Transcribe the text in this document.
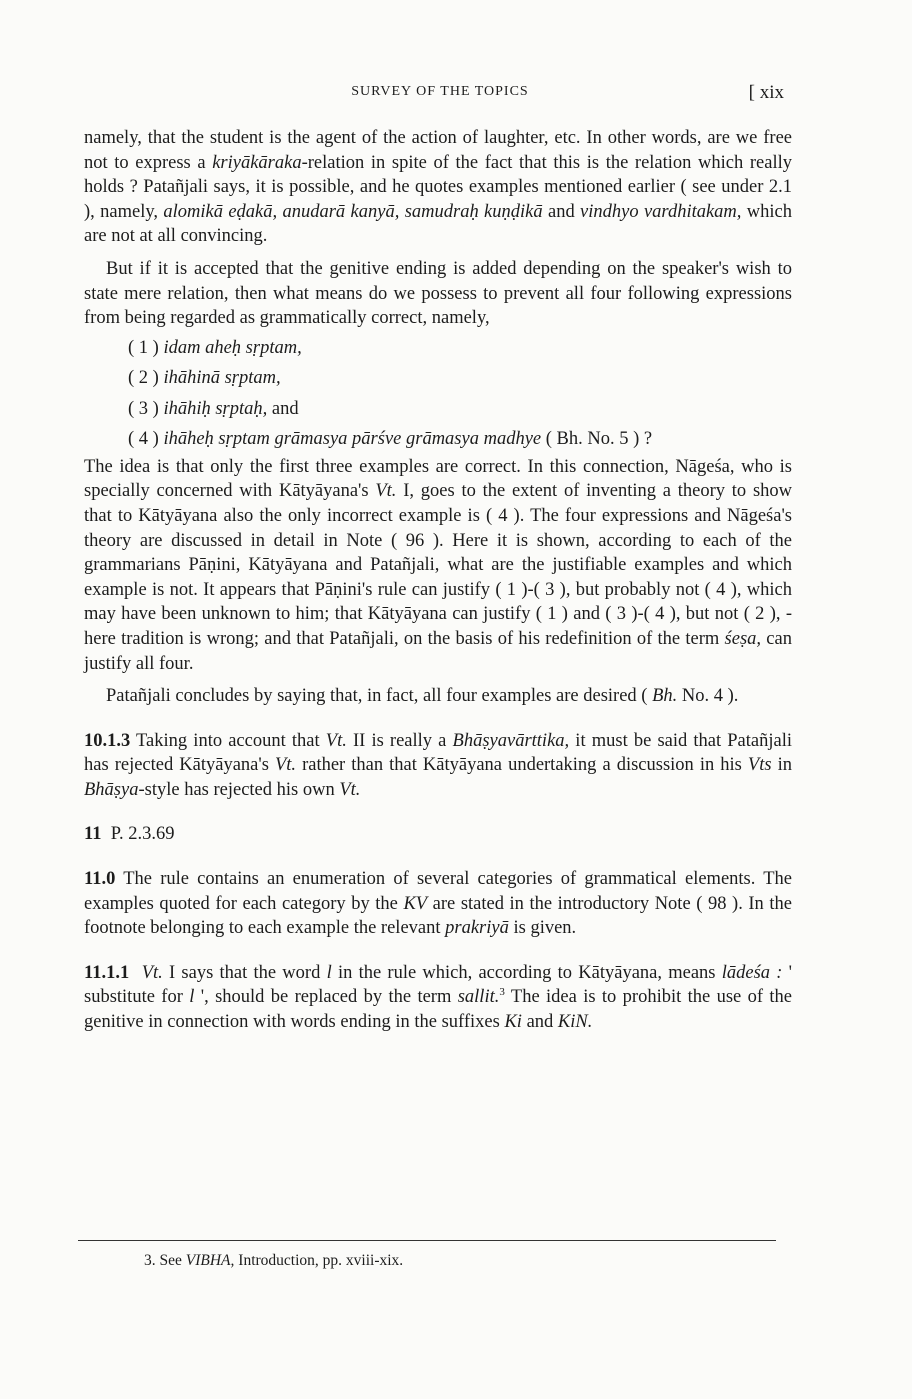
SURVEY OF THE TOPICS	[ xix

namely, that the student is the agent of the action of laughter, etc. In other words, are we free not to express a kriyākāraka-relation in spite of the fact that this is the relation which really holds ? Patañjali says, it is possible, and he quotes examples mentioned earlier ( see under 2.1 ), namely, alomikā eḍakā, anudarā kanyā, samudraḥ kuṇḍikā and vindhyo vardhitakam, which are not at all convincing.

But if it is accepted that the genitive ending is added depending on the speaker's wish to state mere relation, then what means do we possess to prevent all four following expressions from being regarded as grammatically correct, namely,

( 1 ) idam aheḥ sṛptam,
( 2 ) ihāhinā sṛptam,
( 3 ) ihāhiḥ sṛptaḥ, and
( 4 ) ihāheḥ sṛptam grāmasya pārśve grāmasya madhye ( Bh. No. 5 ) ?

The idea is that only the first three examples are correct. In this connection, Nāgeśa, who is specially concerned with Kātyāyana's Vt. I, goes to the extent of inventing a theory to show that to Kātyāyana also the only incorrect example is ( 4 ). The four expressions and Nāgeśa's theory are discussed in detail in Note ( 96 ). Here it is shown, according to each of the grammarians Pāṇini, Kātyāyana and Patañjali, what are the justifiable examples and which example is not. It appears that Pāṇini's rule can justify ( 1 )-( 3 ), but probably not ( 4 ), which may have been unknown to him; that Kātyāyana can justify ( 1 ) and ( 3 )-( 4 ), but not ( 2 ), - here tradition is wrong; and that Patañjali, on the basis of his redefinition of the term śeṣa, can justify all four.

Patañjali concludes by saying that, in fact, all four examples are desired ( Bh. No. 4 ).

10.1.3 Taking into account that Vt. II is really a Bhāṣyavārttika, it must be said that Patañjali has rejected Kātyāyana's Vt. rather than that Kātyāyana undertaking a discussion in his Vts in Bhāṣya-style has rejected his own Vt.

11 P. 2.3.69

11.0 The rule contains an enumeration of several categories of grammatical elements. The examples quoted for each category by the KV are stated in the introductory Note ( 98 ). In the footnote belonging to each example the relevant prakriyā is given.

11.1.1 Vt. I says that the word l in the rule which, according to Kātyāyana, means lādeśa : ' substitute for l ', should be replaced by the term sallit.$^3$ The idea is to prohibit the use of the genitive in connection with words ending in the suffixes Ki and KiN.

3. See VIBHA, Introduction, pp. xviii-xix.
